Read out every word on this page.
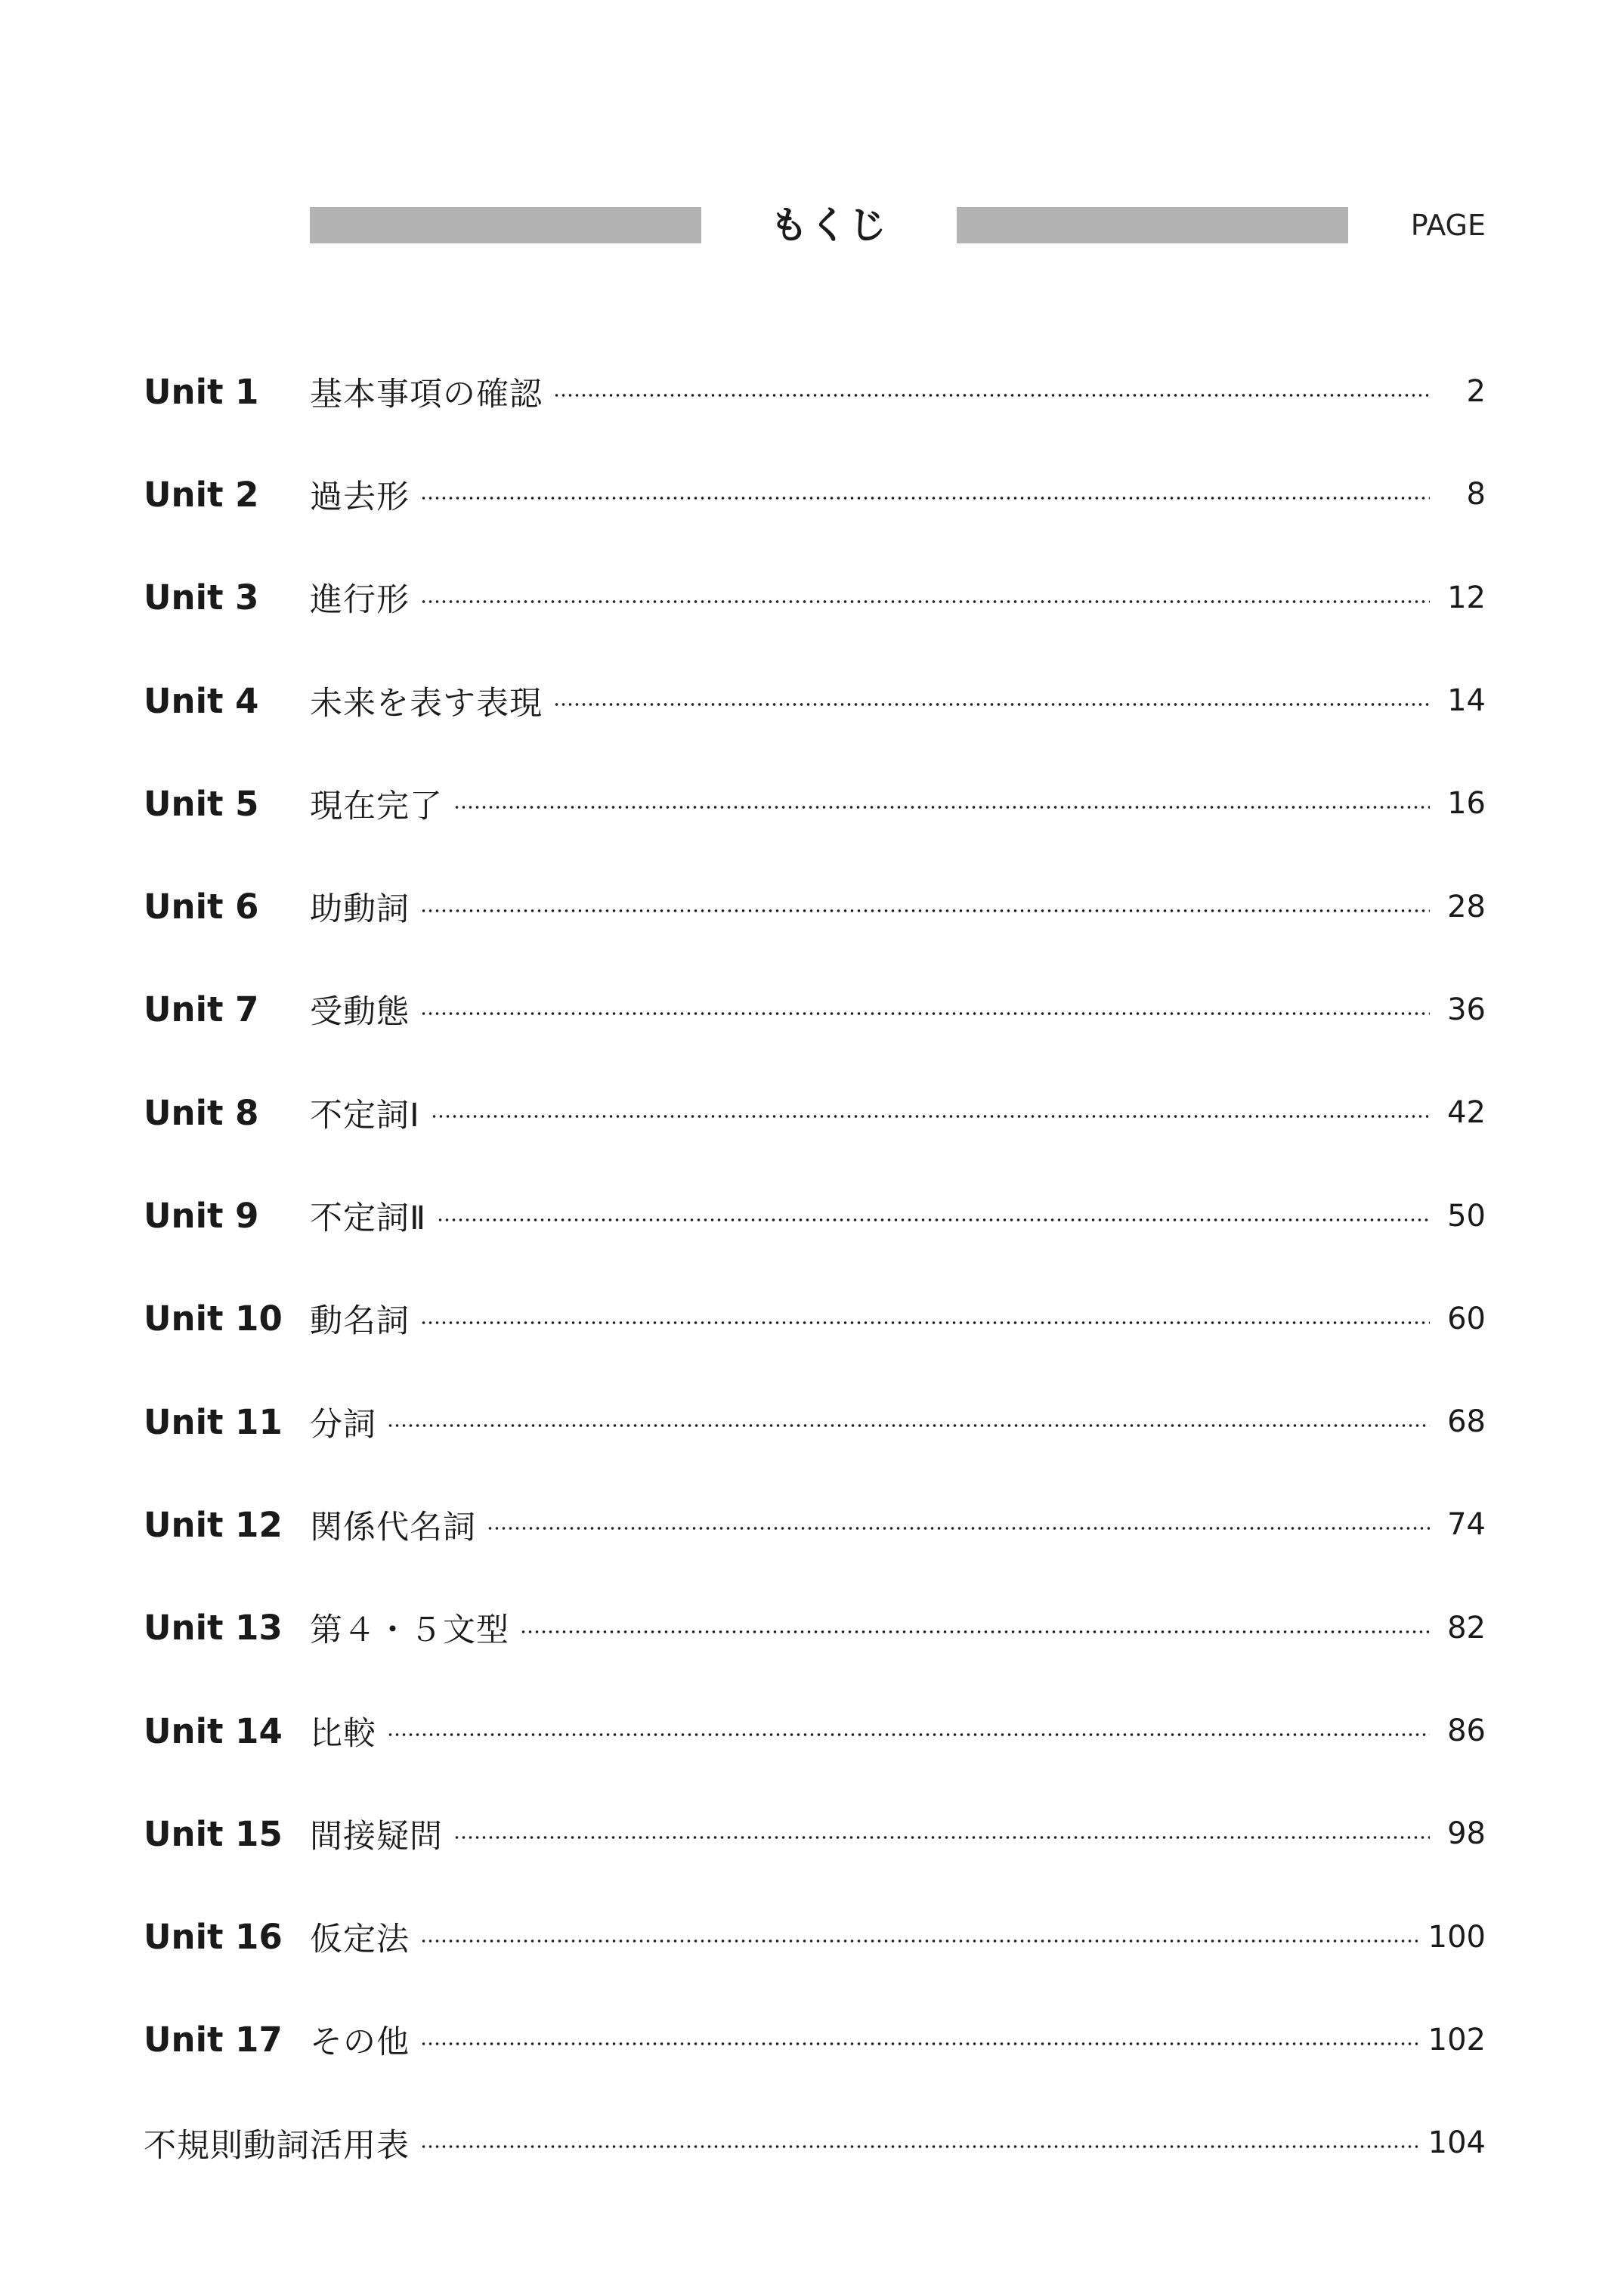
もくじ	PAGE
Unit 1	基本事項の確認	2
Unit 2	過去形	8
Unit 3	進行形	12
Unit 4	未来を表す表現	14
Unit 5	現在完了	16
Unit 6	助動詞	28
Unit 7	受動態	36
Unit 8	不定詞Ⅰ	42
Unit 9	不定詞Ⅱ	50
Unit 10 動名詞	60
Unit 11 分詞	68
Unit 12 関係代名詞	74
Unit 13 第４・５文型	82
Unit 14 比較	86
Unit 15 間接疑問	98
Unit 16 仮定法	100
Unit 17 その他	102
不規則動詞活用表	104
